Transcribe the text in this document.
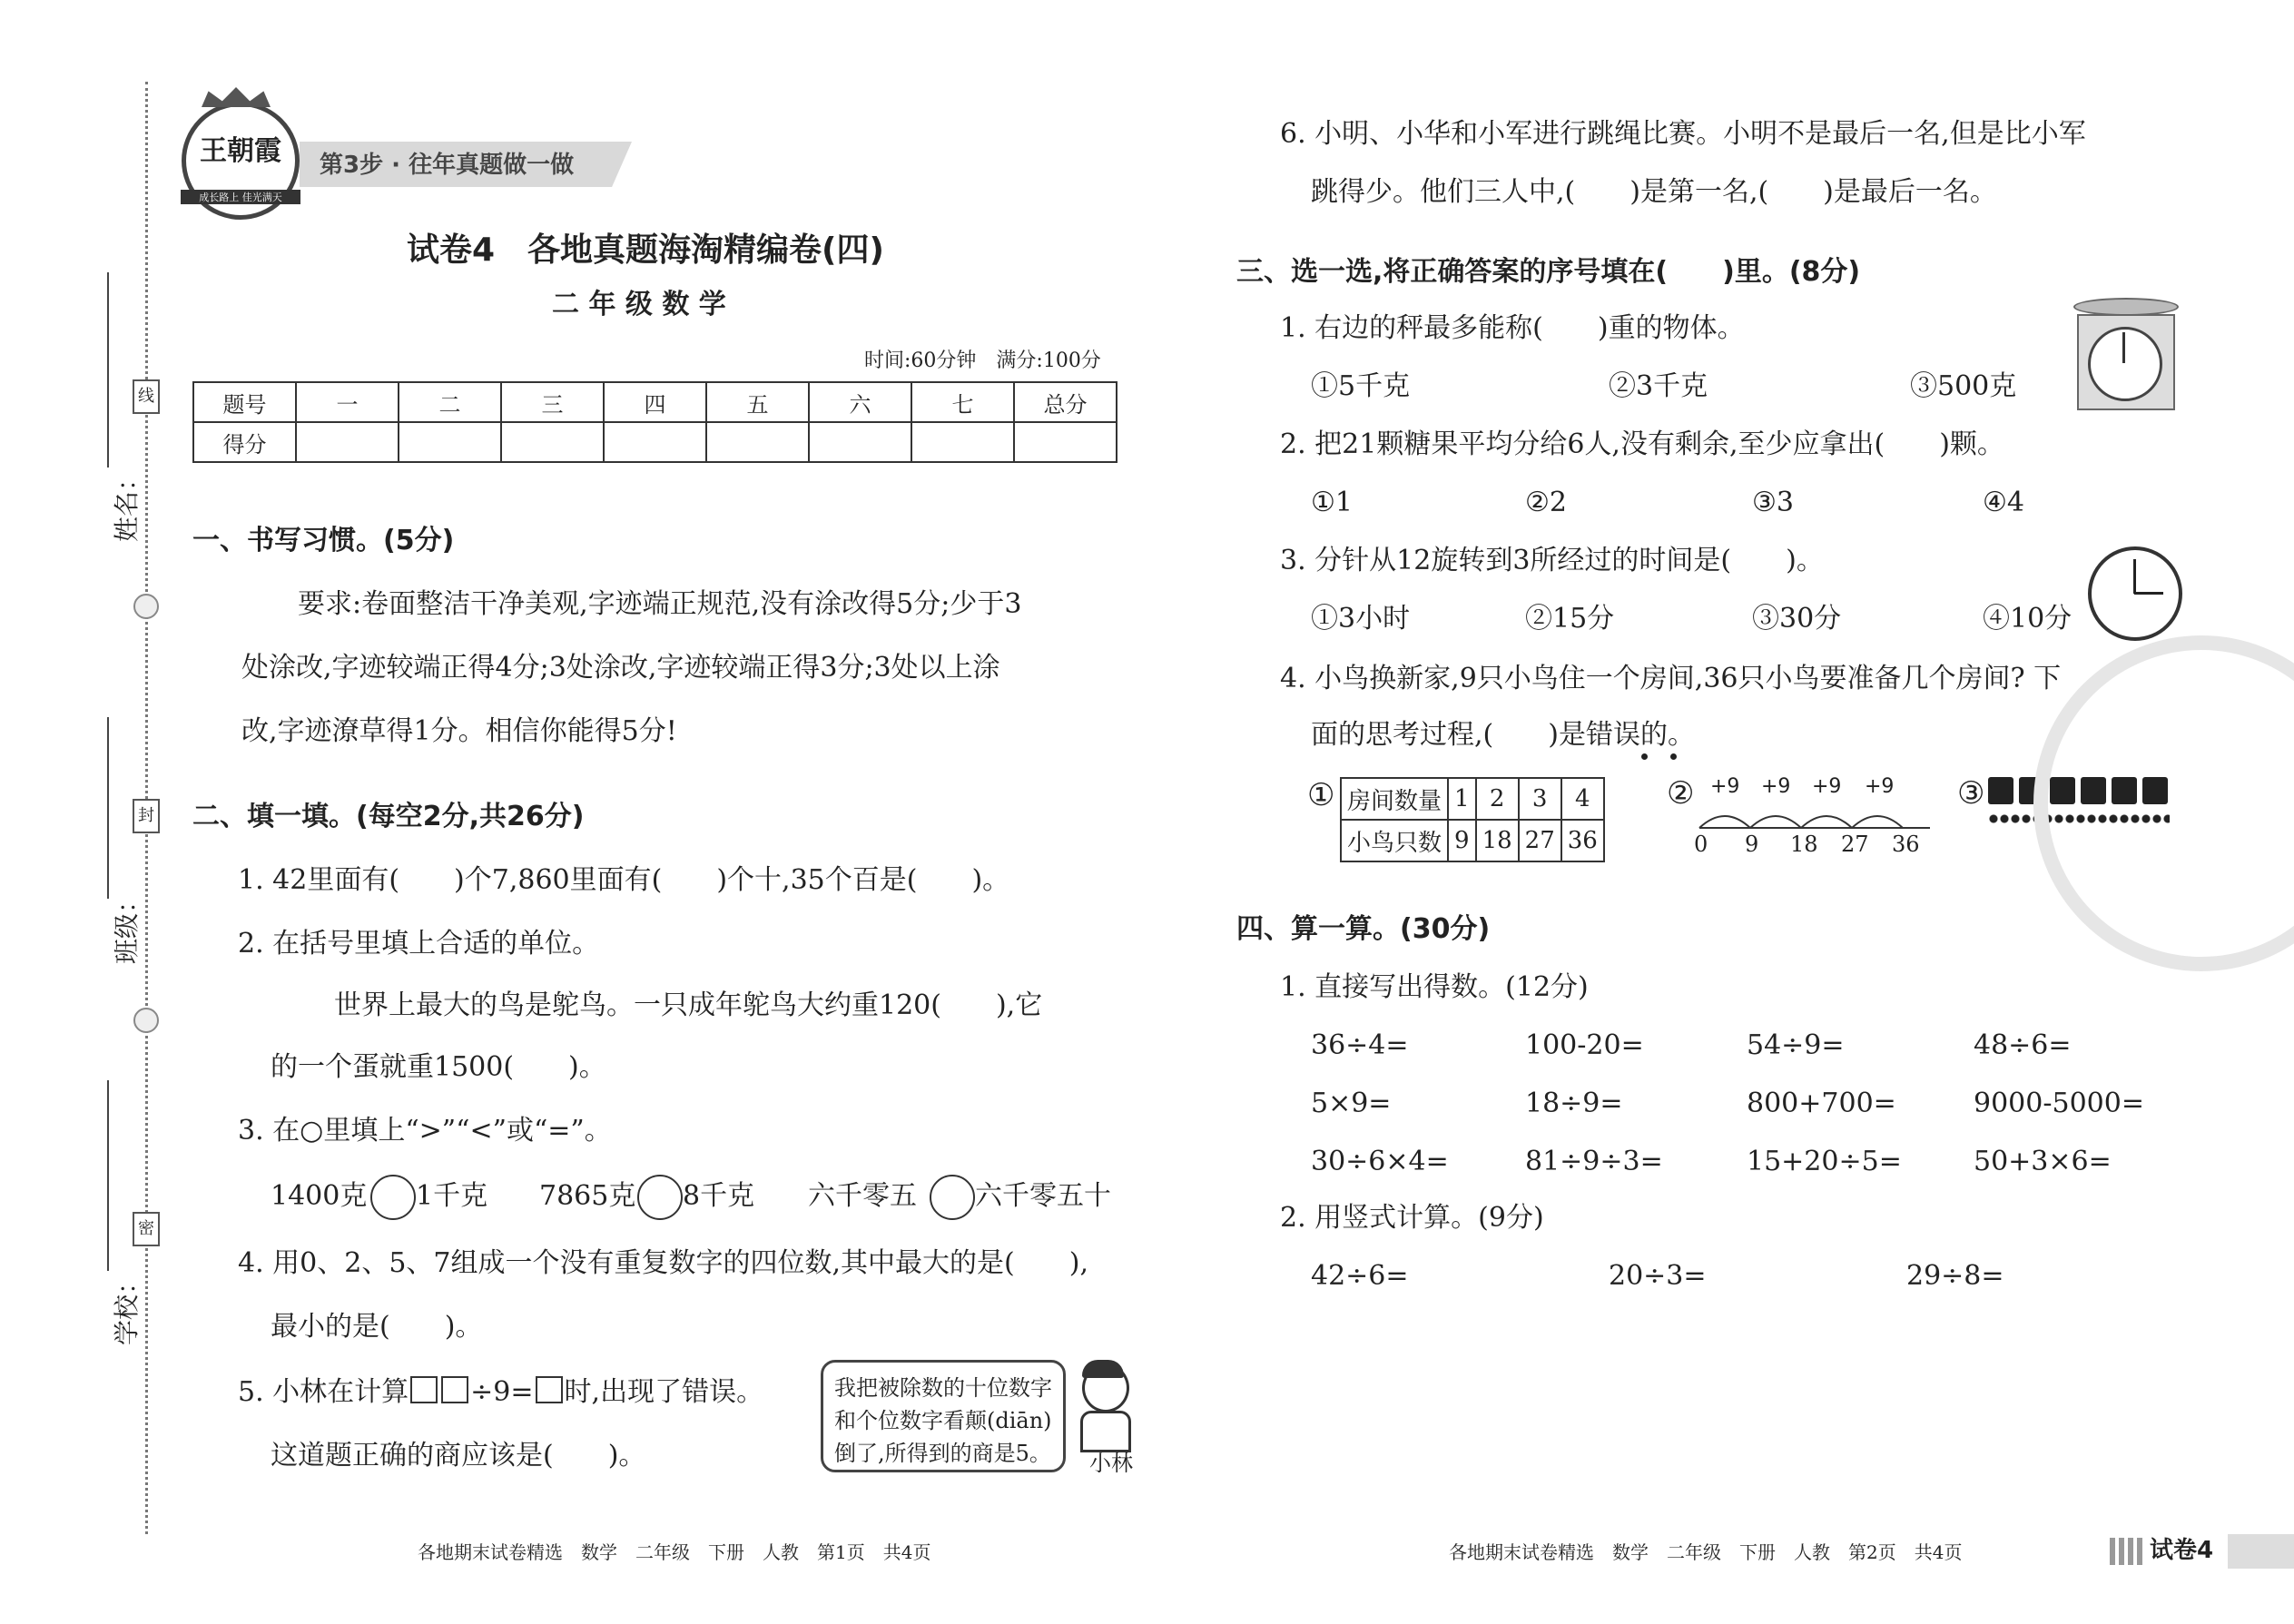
姓名：
班级：
学校：
线
封
密
王朝霞
成长路上 佳光满天
第3步 · 往年真题做一做
试卷4　各地真题海淘精编卷(四)
二 年 级 数 学
时间:60分钟　满分:100分
题号	一	二	三	四	五	六	七	总分
得分								
一、书写习惯。(5分)
要求:卷面整洁干净美观,字迹端正规范,没有涂改得5分;少于3
处涂改,字迹较端正得4分;3处涂改,字迹较端正得3分;3处以上涂
改,字迹潦草得1分。相信你能得5分!
二、填一填。(每空2分,共26分)
1. 42里面有(　　)个7,860里面有(　　)个十,35个百是(　　)。
2. 在括号里填上合适的单位。
世界上最大的鸟是鸵鸟。一只成年鸵鸟大约重120(　　),它
的一个蛋就重1500(　　)。
3. 在○里填上“>”“<”或“=”。
1400克 1千克 7865克 8千克 六千零五 六千零五十
4. 用0、2、5、7组成一个没有重复数字的四位数,其中最大的是(　　),
最小的是(　　)。
5. 小林在计算 ÷9= 时,出现了错误。
这道题正确的商应该是(　　)。
我把被除数的十位数字
和个位数字看颠(diān)
倒了,所得到的商是5。 小林
各地期末试卷精选　数学　二年级　下册　人教　第1页　共4页
6. 小明、小华和小军进行跳绳比赛。小明不是最后一名,但是比小军
跳得少。他们三人中,(　　)是第一名,(　　)是最后一名。
三、选一选,将正确答案的序号填在(　　)里。(8分)
1. 右边的秤最多能称(　　)重的物体。
①5千克	②3千克	③500克
2. 把21颗糖果平均分给6人,没有剩余,至少应拿出(　　)颗。
①1	②2	③3	④4
3. 分针从12旋转到3所经过的时间是(　　)。
①3小时	②15分	③30分	④10分
4. 小鸟换新家,9只小鸟住一个房间,36只小鸟要准备几个房间? 下
面的思考过程,(　　)是错误的。
① 房间数量	1	2	3	4
小鸟只数	9	18	27	36
② +9 +9 +9 +9
0 9 18 27 36
③
四、算一算。(30分)
1. 直接写出得数。(12分)
36÷4=	100-20=	54÷9=	48÷6=
5×9=	18÷9=	800+700=	9000-5000=
30÷6×4=	81÷9÷3=	15+20÷5=	50+3×6=
2. 用竖式计算。(9分)
42÷6=	20÷3=	29÷8=
各地期末试卷精选　数学　二年级　下册　人教　第2页　共4页	试卷4
